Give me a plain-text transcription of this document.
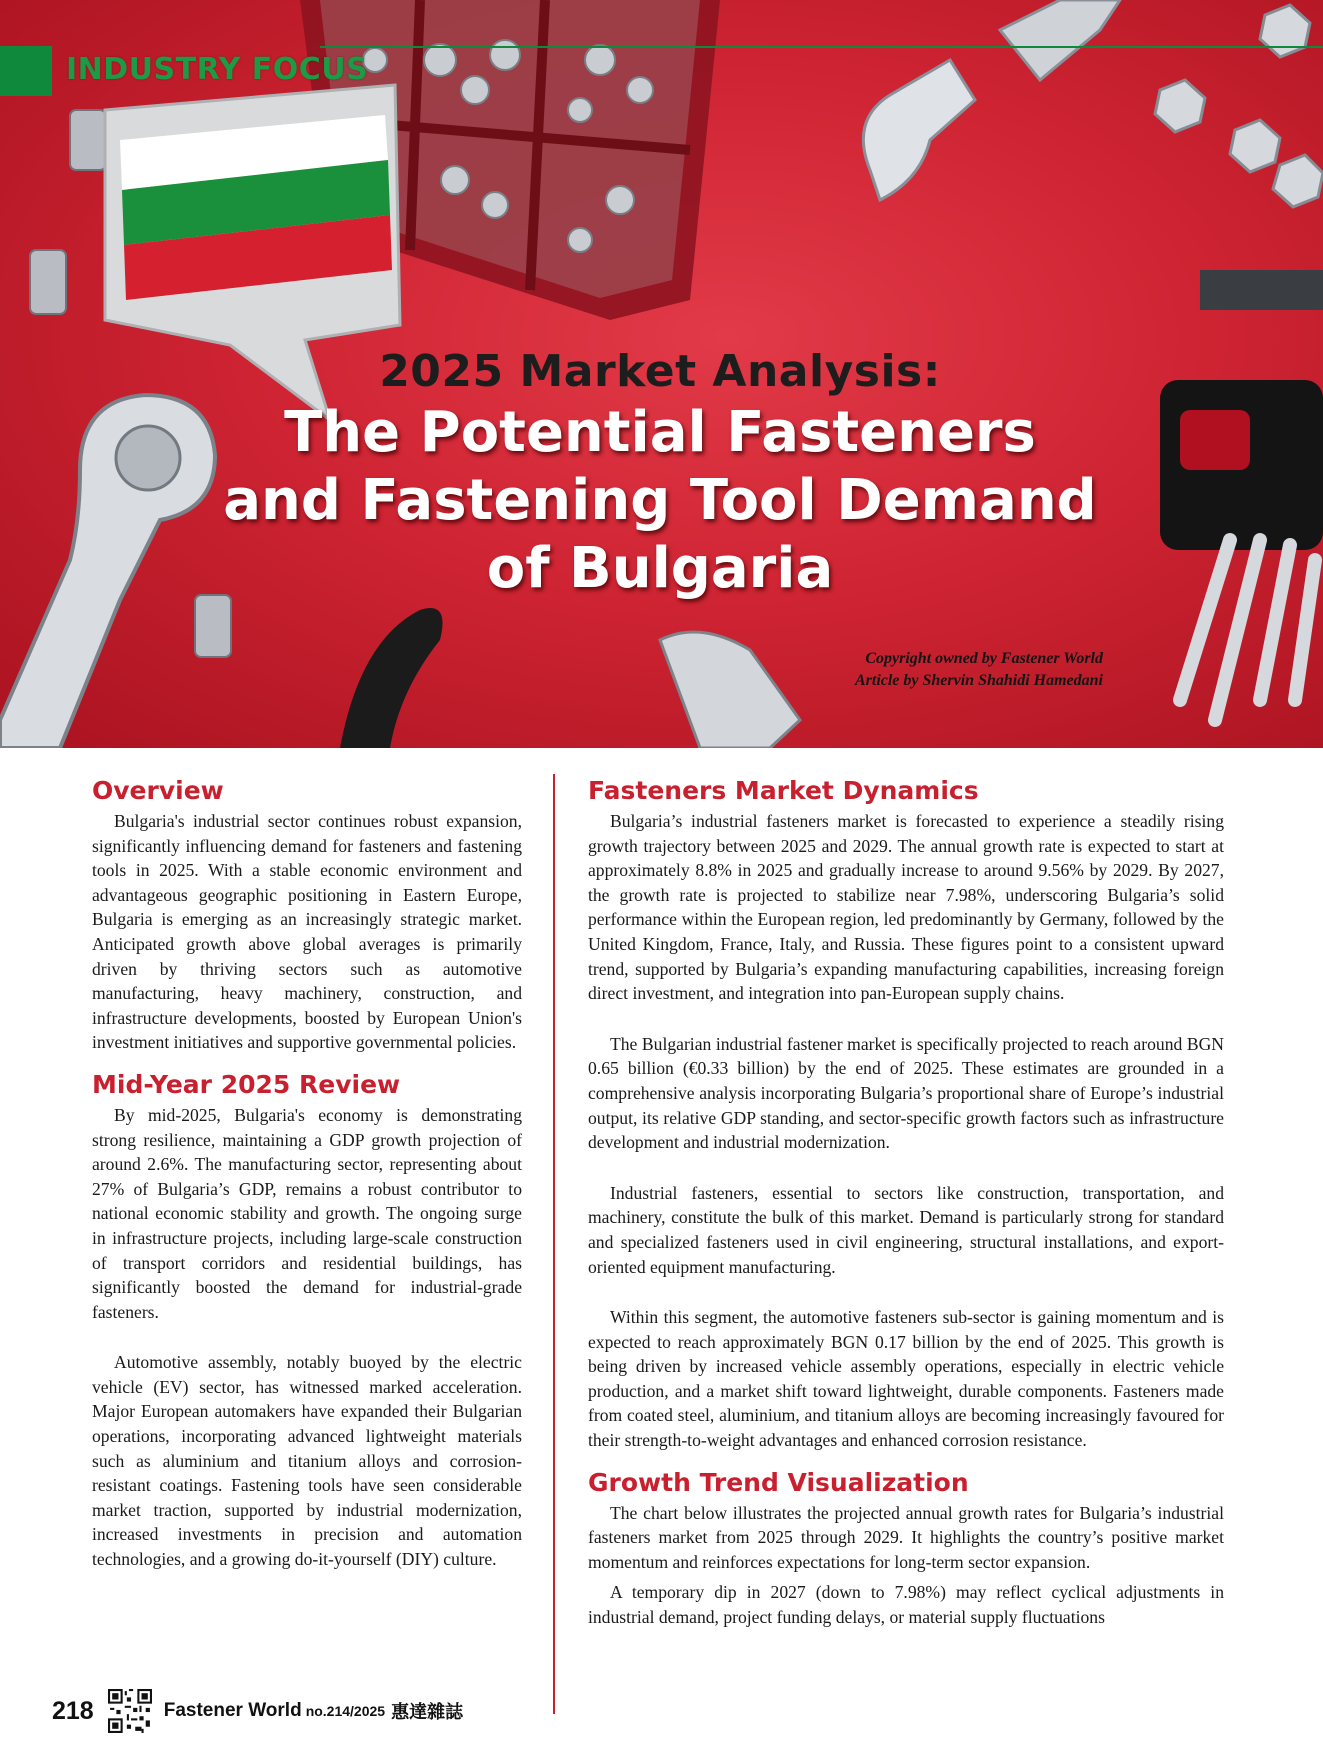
INDUSTRY FOCUS
2025 Market Analysis:
The Potential Fasteners
and Fastening Tool Demand
of Bulgaria
Copyright owned by Fastener World
Article by Shervin Shahidi Hamedani
Overview

Bulgaria's industrial sector continues robust expansion, significantly influencing demand for fasteners and fastening tools in 2025. With a stable economic environment and advantageous geographic positioning in Eastern Europe, Bulgaria is emerging as an increasingly strategic market. Anticipated growth above global averages is primarily driven by thriving sectors such as automotive manufacturing, heavy machinery, construction, and infrastructure developments, boosted by European Union's investment initiatives and supportive governmental policies.

Mid-Year 2025 Review

By mid-2025, Bulgaria's economy is demonstrating strong resilience, maintaining a GDP growth projection of around 2.6%. The manufacturing sector, representing about 27% of Bulgaria’s GDP, remains a robust contributor to national economic stability and growth. The ongoing surge in infrastructure projects, including large-scale construction of transport corridors and residential buildings, has significantly boosted the demand for industrial-grade fasteners.

Automotive assembly, notably buoyed by the electric vehicle (EV) sector, has witnessed marked acceleration. Major European automakers have expanded their Bulgarian operations, incorporating advanced lightweight materials such as aluminium and titanium alloys and corrosion-resistant coatings. Fastening tools have seen considerable market traction, supported by industrial modernization, increased investments in precision and automation technologies, and a growing do-it-yourself (DIY) culture.

Fasteners Market Dynamics

Bulgaria’s industrial fasteners market is forecasted to experience a steadily rising growth trajectory between 2025 and 2029. The annual growth rate is expected to start at approximately 8.8% in 2025 and gradually increase to around 9.56% by 2029. By 2027, the growth rate is projected to stabilize near 7.98%, underscoring Bulgaria’s solid performance within the European region, led predominantly by Germany, followed by the United Kingdom, France, Italy, and Russia. These figures point to a consistent upward trend, supported by Bulgaria’s expanding manufacturing capabilities, increasing foreign direct investment, and integration into pan-European supply chains.

The Bulgarian industrial fastener market is specifically projected to reach around BGN 0.65 billion (€0.33 billion) by the end of 2025. These estimates are grounded in a comprehensive analysis incorporating Bulgaria’s proportional share of Europe’s industrial output, its relative GDP standing, and sector-specific growth factors such as infrastructure development and industrial modernization.

Industrial fasteners, essential to sectors like construction, transportation, and machinery, constitute the bulk of this market. Demand is particularly strong for standard and specialized fasteners used in civil engineering, structural installations, and export-oriented equipment manufacturing.

Within this segment, the automotive fasteners sub-sector is gaining momentum and is expected to reach approximately BGN 0.17 billion by the end of 2025. This growth is being driven by increased vehicle assembly operations, especially in electric vehicle production, and a market shift toward lightweight, durable components. Fasteners made from coated steel, aluminium, and titanium alloys are becoming increasingly favoured for their strength-to-weight advantages and enhanced corrosion resistance.

Growth Trend Visualization

The chart below illustrates the projected annual growth rates for Bulgaria’s industrial fasteners market from 2025 through 2029. It highlights the country’s positive market momentum and reinforces expectations for long-term sector expansion.

A temporary dip in 2027 (down to 7.98%) may reflect cyclical adjustments in industrial demand, project funding delays, or material supply fluctuations

218	Fastener World no.214/2025 惠達雜誌
